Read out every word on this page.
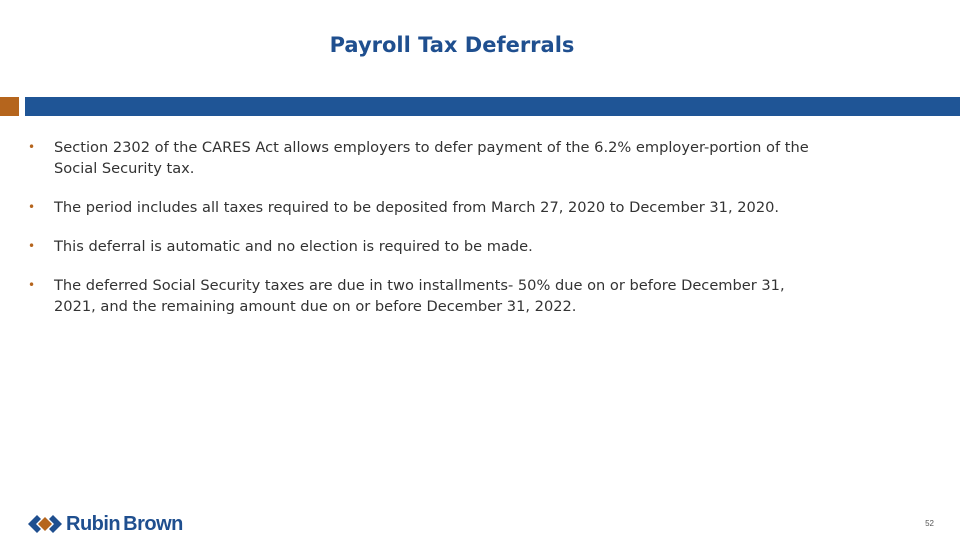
Payroll Tax Deferrals
• Section 2302 of the CARES Act allows employers to defer payment of the 6.2% employer-portion of the Social Security tax.
• The period includes all taxes required to be deposited from March 27, 2020 to December 31, 2020.
• This deferral is automatic and no election is required to be made.
• The deferred Social Security taxes are due in two installments- 50% due on or before December 31, 2021, and the remaining amount due on or before December 31, 2022.
Rubin Brown	52
